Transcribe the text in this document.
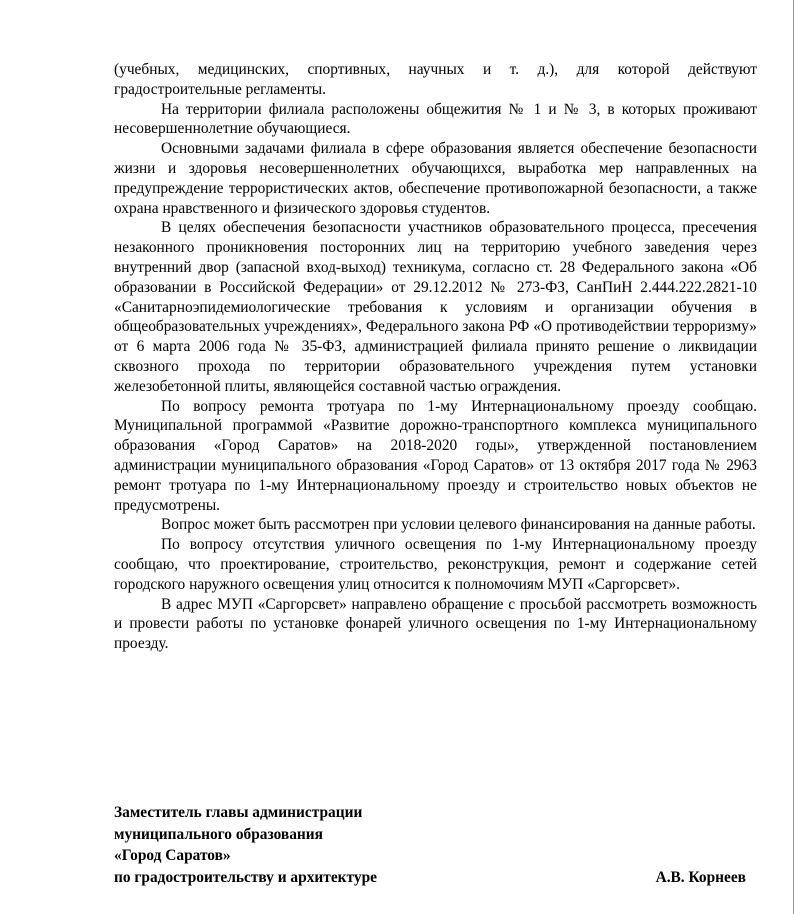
(учебных, медицинских, спортивных, научных и т. д.), для которой действуют градостроительные регламенты.

На территории филиала расположены общежития № 1 и № 3, в которых проживают несовершеннолетние обучающиеся.

Основными задачами филиала в сфере образования является обеспечение безопасности жизни и здоровья несовершеннолетних обучающихся, выработка мер направленных на предупреждение террористических актов, обеспечение противопожарной безопасности, а также охрана нравственного и физического здоровья студентов.

В целях обеспечения безопасности участников образовательного процесса, пресечения незаконного проникновения посторонних лиц на территорию учебного заведения через внутренний двор (запасной вход-выход) техникума, согласно ст. 28 Федерального закона «Об образовании в Российской Федерации» от 29.12.2012 № 273-ФЗ, СанПиН 2.444.222.2821-10 «Санитарноэпидемиологические требования к условиям и организации обучения в общеобразовательных учреждениях», Федерального закона РФ «О противодействии терроризму» от 6 марта 2006 года № 35-ФЗ, администрацией филиала принято решение о ликвидации сквозного прохода по территории образовательного учреждения путем установки железобетонной плиты, являющейся составной частью ограждения.

По вопросу ремонта тротуара по 1-му Интернациональному проезду сообщаю. Муниципальной программой «Развитие дорожно-транспортного комплекса муниципального образования «Город Саратов» на 2018-2020 годы», утвержденной постановлением администрации муниципального образования «Город Саратов» от 13 октября 2017 года № 2963 ремонт тротуара по 1-му Интернациональному проезду и строительство новых объектов не предусмотрены.

Вопрос может быть рассмотрен при условии целевого финансирования на данные работы.

По вопросу отсутствия уличного освещения по 1-му Интернациональному проезду сообщаю, что проектирование, строительство, реконструкция, ремонт и содержание сетей городского наружного освещения улиц относится к полномочиям МУП «Саргорсвет».

В адрес МУП «Саргорсвет» направлено обращение с просьбой рассмотреть возможность и провести работы по установке фонарей уличного освещения по 1-му Интернациональному проезду.

Заместитель главы администрации
муниципального образования
«Город Саратов»
по градостроительству и архитектуре	А.В. Корнеев
